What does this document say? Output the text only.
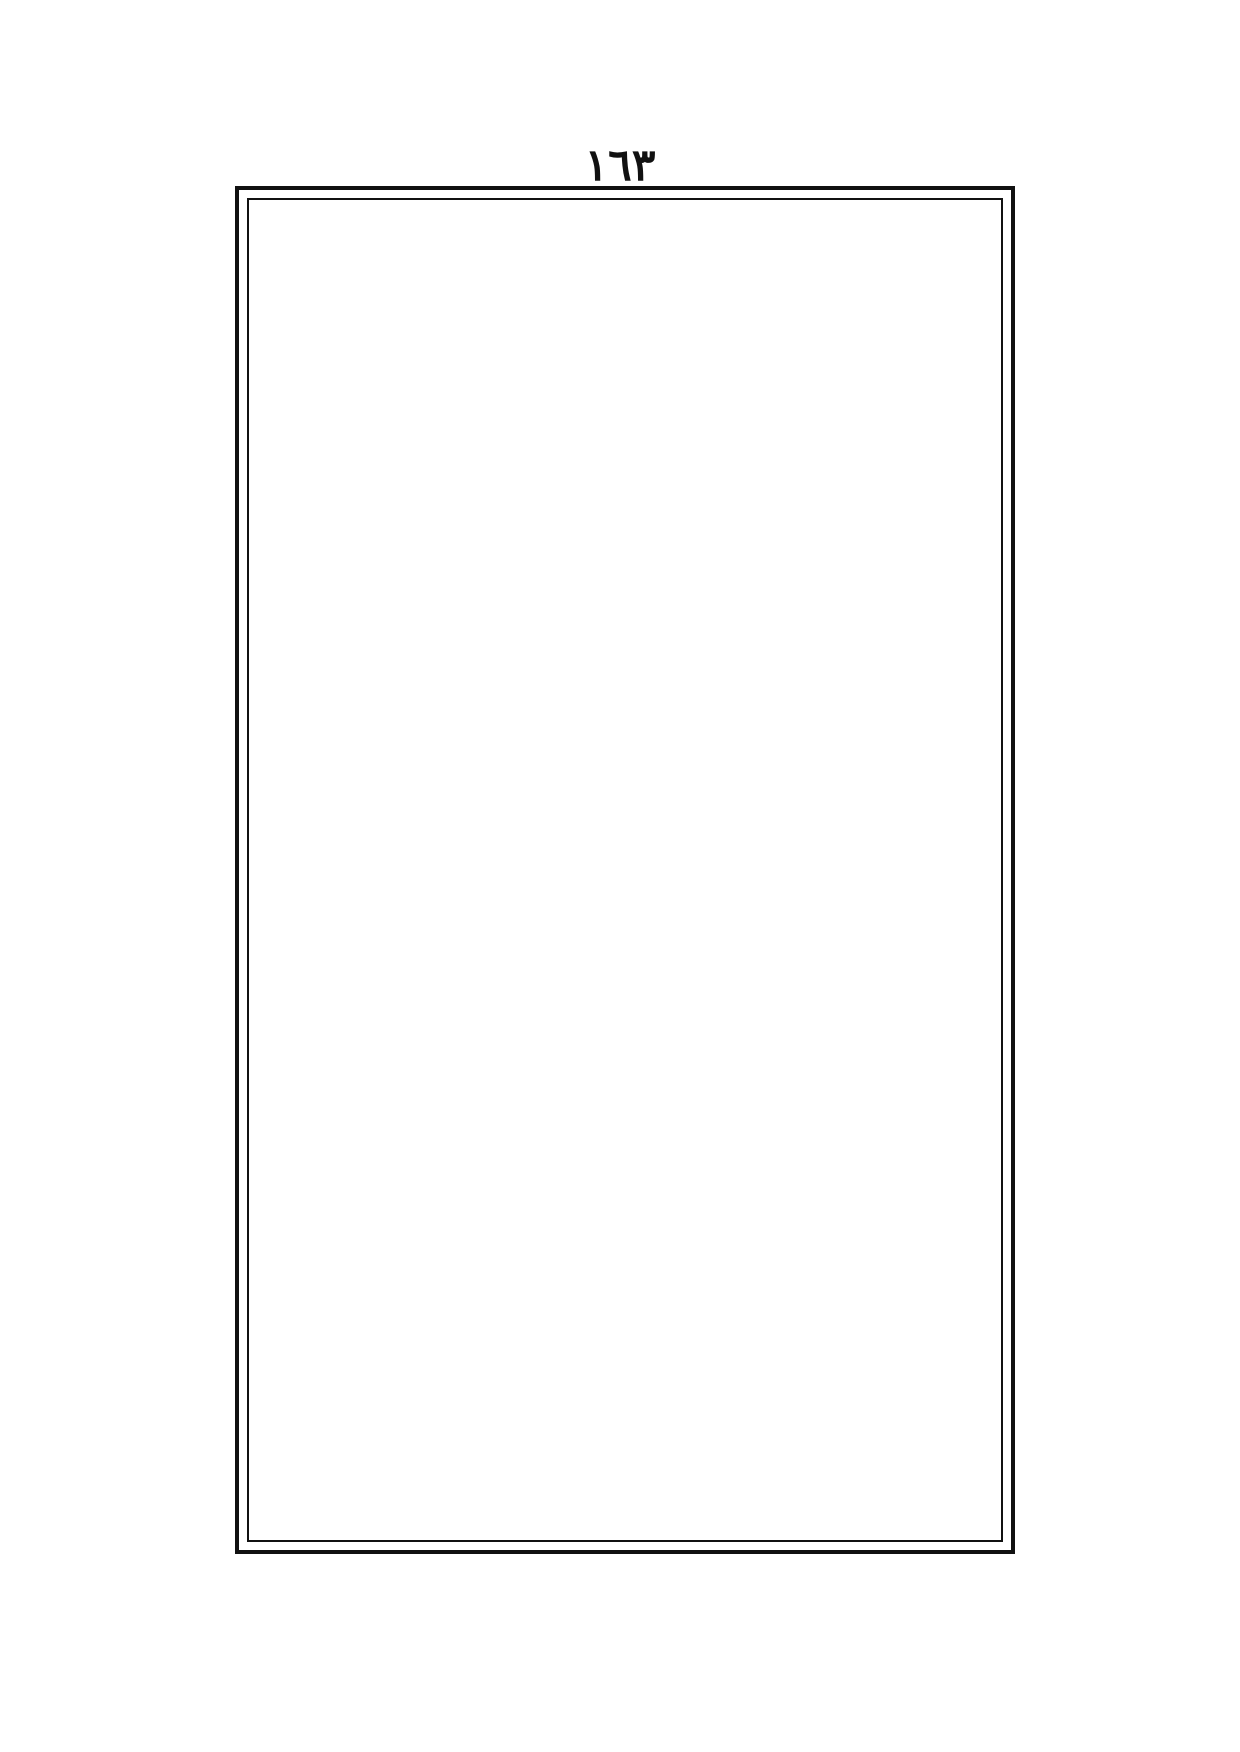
١٦٣
